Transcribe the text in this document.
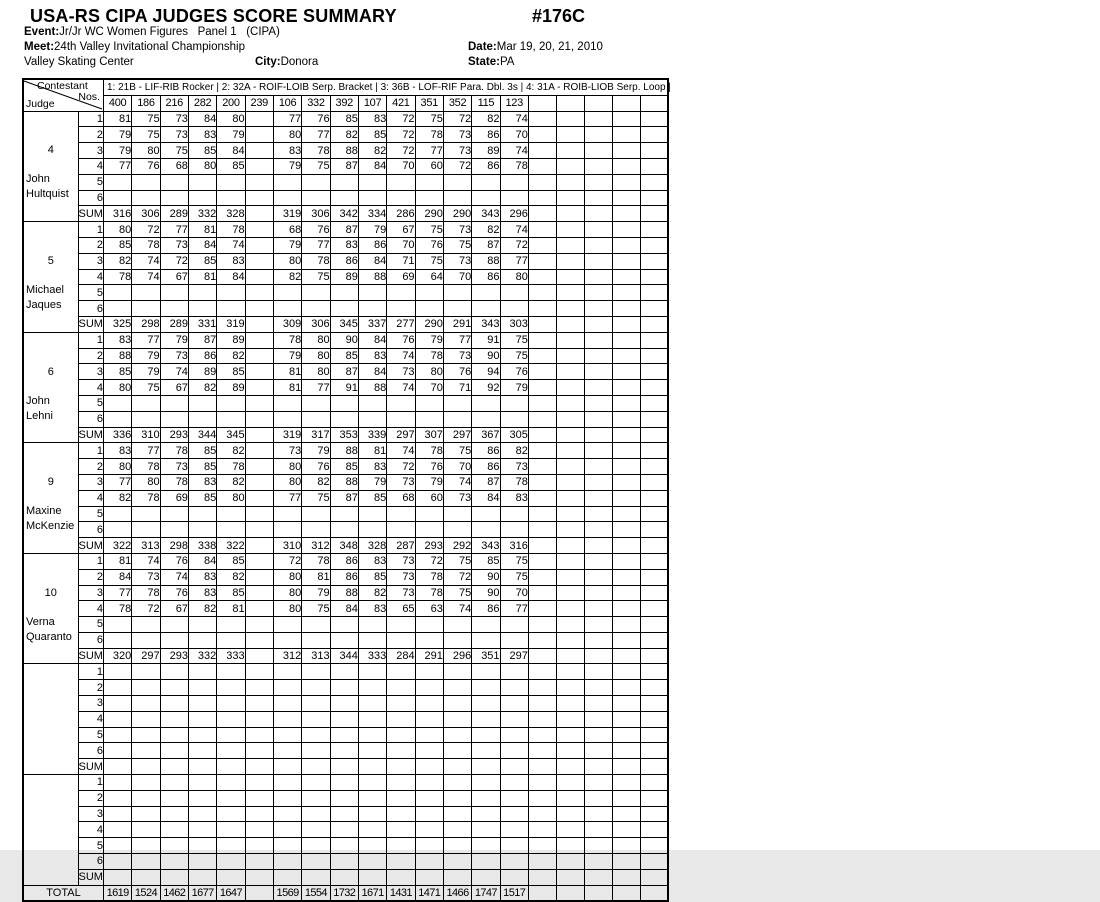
USA-RS CIPA JUDGES SCORE SUMMARY	#176C
Event:Jr/Jr WC Women Figures   Panel 1   (CIPA)
Meet:24th Valley Invitational Championship	Date:Mar 19, 20, 21, 2010
Valley Skating Center	City:Donora	State:PA
Contestant
Nos.
Judge		1: 21B - LIF-RIB Rocker | 2: 32A - ROIF-LOIB Serp. Bracket | 3: 36B - LOF-RIF Para. Dbl. 3s | 4: 31A - ROIB-LIOB Serp. Loop |																			

		400	186	216	282	200	239	106	332	392	107	421	351	352	115	123					

4
John
Hultquist	1	81	75	73	84	80		77	76	85	83	72	75	72	82	74					
	2	79	75	73	83	79		80	77	82	85	72	78	73	86	70					
	3	79	80	75	85	84		83	78	88	82	72	77	73	89	74					
	4	77	76	68	80	85		79	75	87	84	70	60	72	86	78					
	5																				
	6																				
	SUM	316	306	289	332	328		319	306	342	334	286	290	290	343	296					

5
Michael
Jaques	1	80	72	77	81	78		68	76	87	79	67	75	73	82	74					
	2	85	78	73	84	74		79	77	83	86	70	76	75	87	72					
	3	82	74	72	85	83		80	78	86	84	71	75	73	88	77					
	4	78	74	67	81	84		82	75	89	88	69	64	70	86	80					
	5																				
	6																				
	SUM	325	298	289	331	319		309	306	345	337	277	290	291	343	303					

6
John
Lehni	1	83	77	79	87	89		78	80	90	84	76	79	77	91	75					
	2	88	79	73	86	82		79	80	85	83	74	78	73	90	75					
	3	85	79	74	89	85		81	80	87	84	73	80	76	94	76					
	4	80	75	67	82	89		81	77	91	88	74	70	71	92	79					
	5																				
	6																				
	SUM	336	310	293	344	345		319	317	353	339	297	307	297	367	305					

9
Maxine
McKenzie	1	83	77	78	85	82		73	79	88	81	74	78	75	86	82					
	2	80	78	73	85	78		80	76	85	83	72	76	70	86	73					
	3	77	80	78	83	82		80	82	88	79	73	79	74	87	78					
	4	82	78	69	85	80		77	75	87	85	68	60	73	84	83					
	5																				
	6																				
	SUM	322	313	298	338	322		310	312	348	328	287	293	292	343	316					

10
Verna
Quaranto	1	81	74	76	84	85		72	78	86	83	73	72	75	85	75					
	2	84	73	74	83	82		80	81	86	85	73	78	72	90	75					
	3	77	78	76	83	85		80	79	88	82	73	78	75	90	70					
	4	78	72	67	82	81		80	75	84	83	65	63	74	86	77					
	5																				
	6																				
	SUM	320	297	293	332	333		312	313	344	333	284	291	296	351	297					

	1																				
	2																				
	3																				
	4																				
	5																				
	6																				
	SUM																				

	1																				
	2																				
	3																				
	4																				
	5																				
	6																				
	SUM																				
TOTAL		1619	1524	1462	1677	1647		1569	1554	1732	1671	1431	1471	1466	1747	1517					
